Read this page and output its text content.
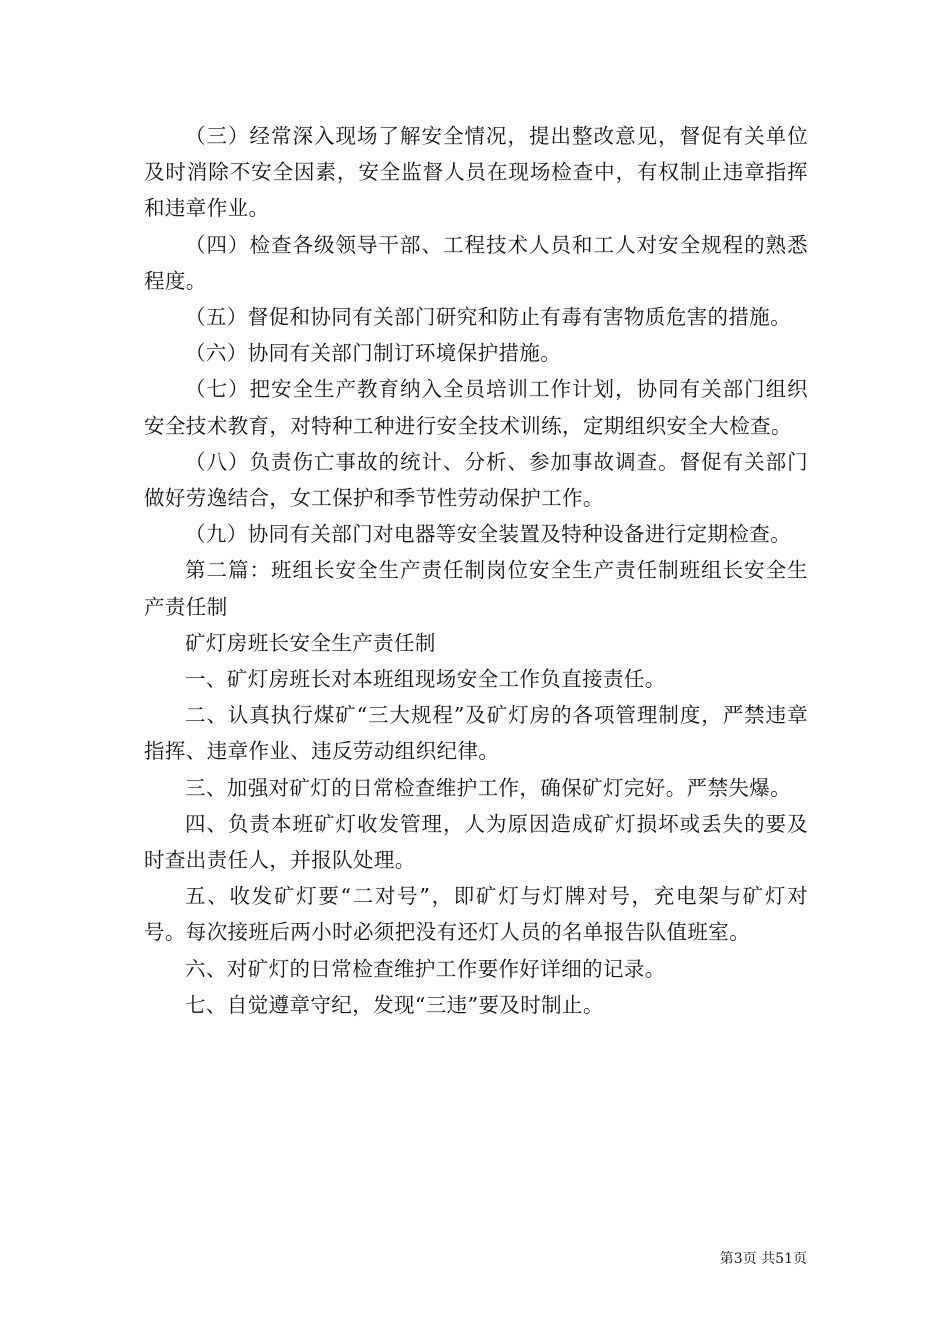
（三）经常深入现场了解安全情况，提出整改意见，督促有关单位及时消除不安全因素，安全监督人员在现场检查中，有权制止违章指挥和违章作业。

（四）检查各级领导干部、工程技术人员和工人对安全规程的熟悉程度。

（五）督促和协同有关部门研究和防止有毒有害物质危害的措施。

（六）协同有关部门制订环境保护措施。

（七）把安全生产教育纳入全员培训工作计划，协同有关部门组织安全技术教育，对特种工种进行安全技术训练，定期组织安全大检查。

（八）负责伤亡事故的统计、分析、参加事故调查。督促有关部门做好劳逸结合，女工保护和季节性劳动保护工作。

（九）协同有关部门对电器等安全装置及特种设备进行定期检查。

第二篇：班组长安全生产责任制岗位安全生产责任制班组长安全生产责任制

矿灯房班长安全生产责任制

一、矿灯房班长对本班组现场安全工作负直接责任。

二、认真执行煤矿“三大规程”及矿灯房的各项管理制度，严禁违章指挥、违章作业、违反劳动组织纪律。

三、加强对矿灯的日常检查维护工作，确保矿灯完好。严禁失爆。

四、负责本班矿灯收发管理，人为原因造成矿灯损坏或丢失的要及时查出责任人，并报队处理。

五、收发矿灯要“二对号”，即矿灯与灯牌对号，充电架与矿灯对号。每次接班后两小时必须把没有还灯人员的名单报告队值班室。

六、对矿灯的日常检查维护工作要作好详细的记录。

七、自觉遵章守纪，发现“三违”要及时制止。

第3页 共51页
